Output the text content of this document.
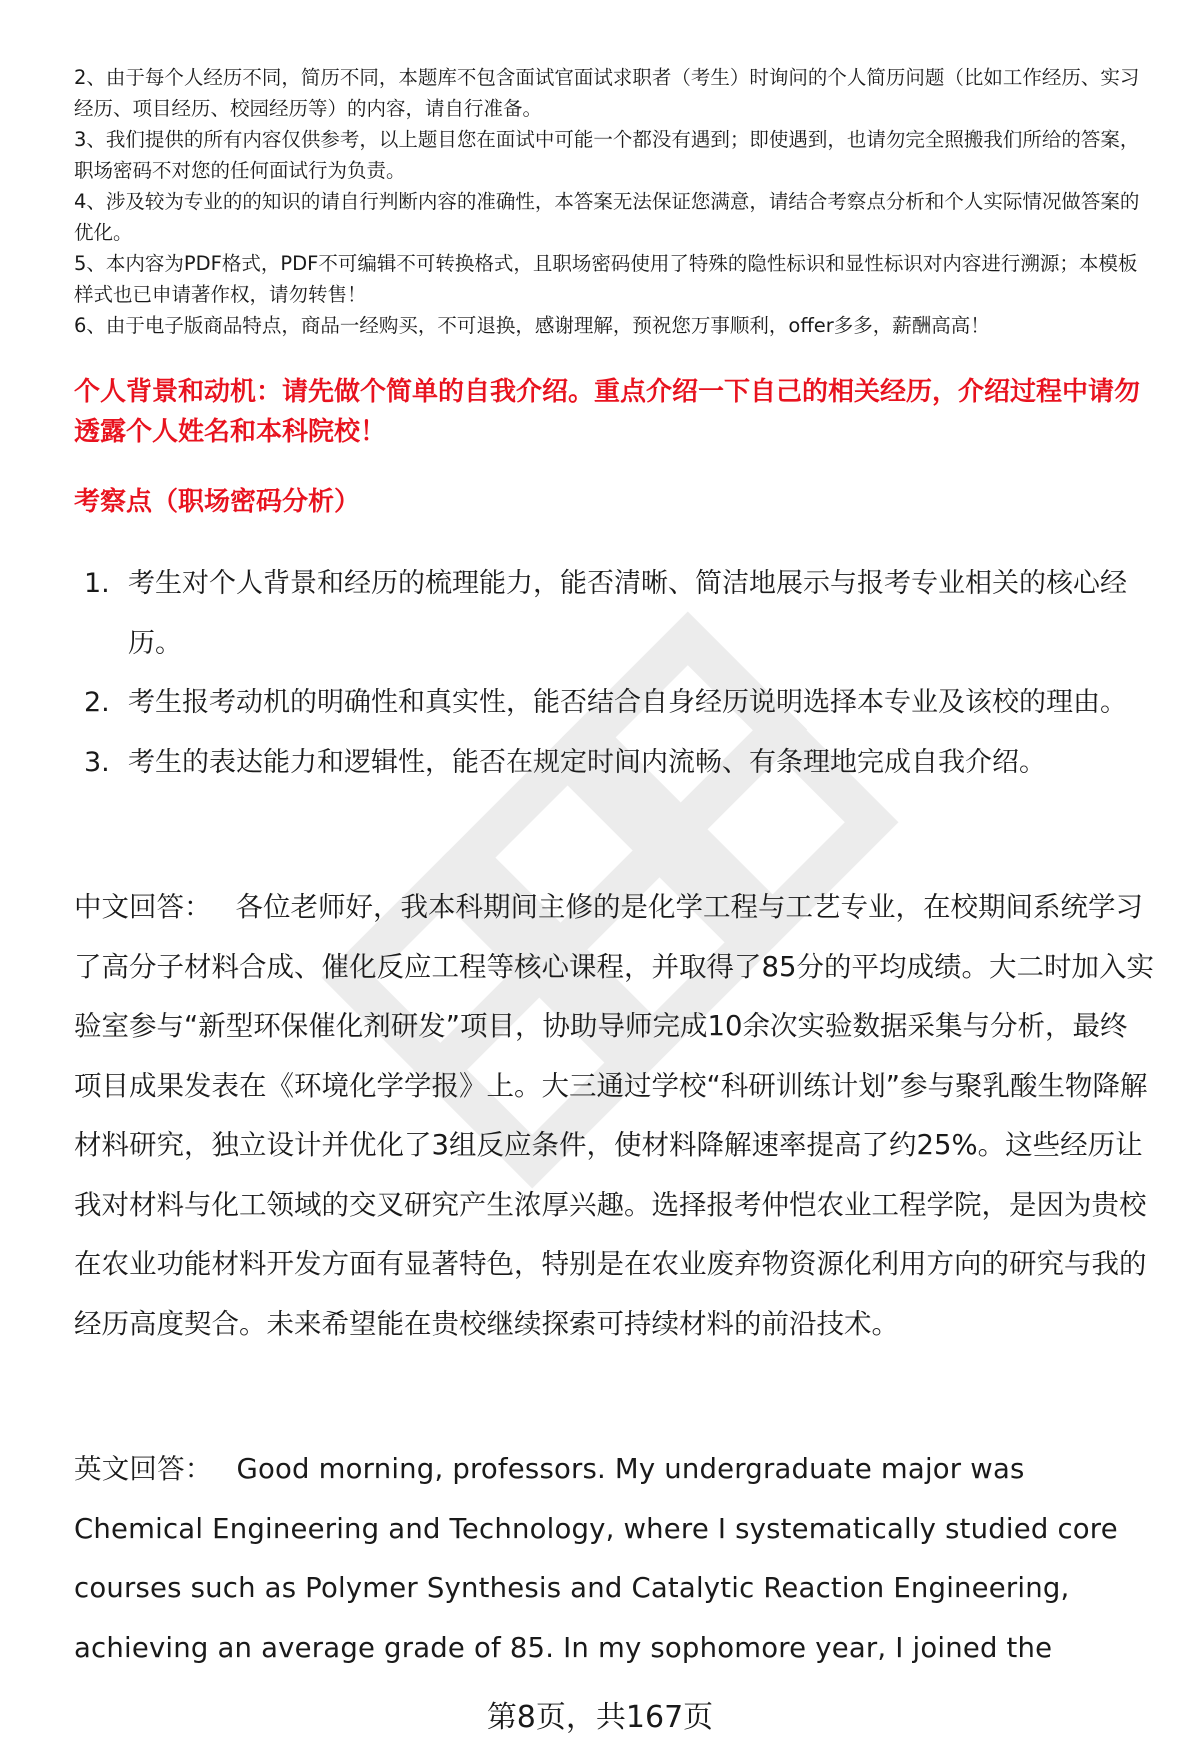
2、由于每个人经历不同，简历不同，本题库不包含面试官面试求职者（考生）时询问的个人简历问题（比如工作经历、实习经历、项目经历、校园经历等）的内容，请自行准备。

3、我们提供的所有内容仅供参考，以上题目您在面试中可能一个都没有遇到；即使遇到，也请勿完全照搬我们所给的答案，职场密码不对您的任何面试行为负责。

4、涉及较为专业的的知识的请自行判断内容的准确性，本答案无法保证您满意，请结合考察点分析和个人实际情况做答案的优化。

5、本内容为PDF格式，PDF不可编辑不可转换格式，且职场密码使用了特殊的隐性标识和显性标识对内容进行溯源；本模板样式也已申请著作权，请勿转售！

6、由于电子版商品特点，商品一经购买，不可退换，感谢理解，预祝您万事顺利，offer多多，薪酬高高！

个人背景和动机：请先做个简单的自我介绍。重点介绍一下自己的相关经历，介绍过程中请勿透露个人姓名和本科院校！
考察点（职场密码分析）
1. 考生对个人背景和经历的梳理能力，能否清晰、简洁地展示与报考专业相关的核心经历。
2. 考生报考动机的明确性和真实性，能否结合自身经历说明选择本专业及该校的理由。
3. 考生的表达能力和逻辑性，能否在规定时间内流畅、有条理地完成自我介绍。

中文回答： 各位老师好，我本科期间主修的是化学工程与工艺专业，在校期间系统学习了高分子材料合成、催化反应工程等核心课程，并取得了85分的平均成绩。大二时加入实验室参与“新型环保催化剂研发”项目，协助导师完成10余次实验数据采集与分析，最终项目成果发表在《环境化学学报》上。大三通过学校“科研训练计划”参与聚乳酸生物降解材料研究，独立设计并优化了3组反应条件，使材料降解速率提高了约25%。这些经历让我对材料与化工领域的交叉研究产生浓厚兴趣。选择报考仲恺农业工程学院，是因为贵校在农业功能材料开发方面有显著特色，特别是在农业废弃物资源化利用方向的研究与我的经历高度契合。未来希望能在贵校继续探索可持续材料的前沿技术。

英文回答： Good morning, professors. My undergraduate major was Chemical Engineering and Technology, where I systematically studied core courses such as Polymer Synthesis and Catalytic Reaction Engineering, achieving an average grade of 85. In my sophomore year, I joined the

第8页，共167页
